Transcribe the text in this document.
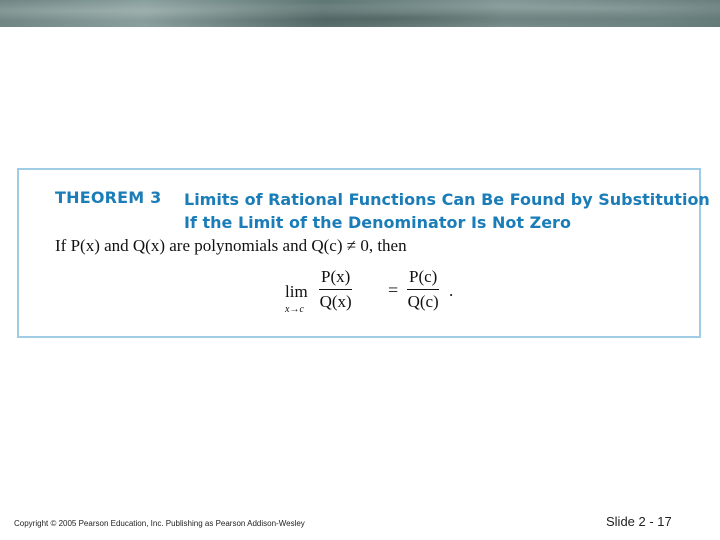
THEOREM 3 Limits of Rational Functions Can Be Found by Substitution
If the Limit of the Denominator Is Not Zero
If P(x) and Q(x) are polynomials and Q(c) ≠ 0, then
lim
x→c
P(x)
Q(x)
=
P(c)
Q(c)
.
Copyright © 2005 Pearson Education, Inc. Publishing as Pearson Addison-Wesley	Slide 2 - 17
